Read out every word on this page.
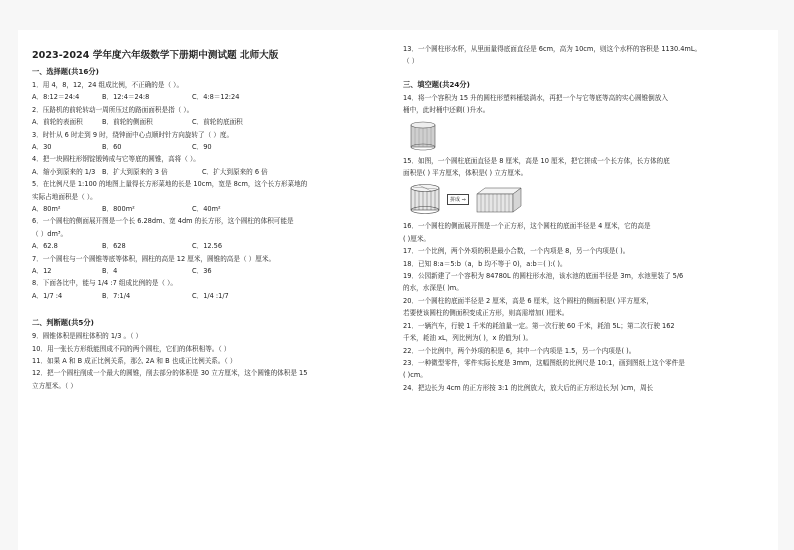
2023-2024 学年度六年级数学下册期中测试题 北师大版
一、选择题(共16分)
1．用 4，8，12，24 组成比例，不正确的是（ ）。
A．8:12＝24:4	B．12:4＝24:8	C．4:8＝12:24
2．压路机的前轮转动一周所压过的路面面积是指（ ）。
A．前轮的表面积	B．前轮的侧面积	C．前轮的底面积
3．时针从 6 时走到 9 时，绕钟面中心点顺时针方向旋转了（ ）度。
A．30	B．60	C．90
4．把一块圆柱形钢锭锻铸成与它等底的圆锥，高将（ ）。
A．缩小到原来的 1/3	B．扩大到原来的 3 倍	C．扩大到原来的 6 倍
5．在比例尺是 1:100 的地图上量得长方形菜地的长是 10cm，宽是 8cm，这个长方形菜地的
实际占地面积是（ ）。
A．80m²	B．800m²	C．40m²
6．一个圆柱的侧面展开图是一个长 6.28dm、宽 4dm 的长方形，这个圆柱的体积可能是
（ ）dm³。
A．62.8	B．628	C．12.56
7．一个圆柱与一个圆锥等底等体积，圆柱的高是 12 厘米，圆锥的高是（ ）厘米。
A．12	B．4	C．36
8．下面各比中，能与 1/4 :7 组成比例的是（ ）。
A．1/7 :4	B．7:1/4	C．1/4 :1/7
二、判断题(共5分)
9．圆锥体积是圆柱体积的 1/3 。（ ）
10．用一张长方形纸能围成不同的两个圆柱，它们的体积相等。（ ）
11．如果 A 和 B 成正比例关系，那么 2A 和 B 也成正比例关系。（ ）
12．把一个圆柱削成一个最大的圆锥，削去部分的体积是 30 立方厘米，这个圆锥的体积是 15
立方厘米。（ ）
13．一个圆柱形水杯，从里面量得底面直径是 6cm，高为 10cm，则这个水杯的容积是 1130.4mL。
（ ）
三、填空题(共24分)
14．将一个容积为 15 升的圆柱形塑料桶装满水，再把一个与它等底等高的实心圆锥倒放入
桶中，此时桶中还剩( )升水。
15．如图，一个圆柱底面直径是 8 厘米，高是 10 厘米，把它拼成一个长方体，长方体的底
面积是( ) 平方厘米，体积是( ) 立方厘米。
拼成 ⇒
16．一个圆柱的侧面展开图是一个正方形，这个圆柱的底面半径是 4 厘米，它的高是
( )厘米。
17．一个比例，两个外项的积是最小合数，一个内项是 8，另一个内项是( )。
18．已知 8:a＝5:b（a，b 均不等于 0)，a:b＝( ):( )。
19．公园新建了一个容积为 84780L 的圆柱形水池，该水池的底面半径是 3m，水池里装了 5/6
的水，水深是( )m。
20．一个圆柱的底面半径是 2 厘米，高是 6 厘米，这个圆柱的侧面积是( )平方厘米，
若要使该圆柱的侧面积变成正方形，则高需增加( )厘米。
21．一辆汽车，行驶 1 千米的耗油量一定。第一次行驶 60 千米，耗油 5L；第二次行驶 162
千米，耗油 xL，列比例为( )，x 的值为( )。
22．一个比例中，两个外项的积是 6，其中一个内项是 1.5，另一个内项是( )。
23．一种微型零件，零件实际长度是 3mm，这幅图纸的比例尺是 10:1，画到图纸上这个零件是
( )cm。
24．把边长为 4cm 的正方形按 3:1 的比例放大，放大后的正方形边长为( )cm，周长
